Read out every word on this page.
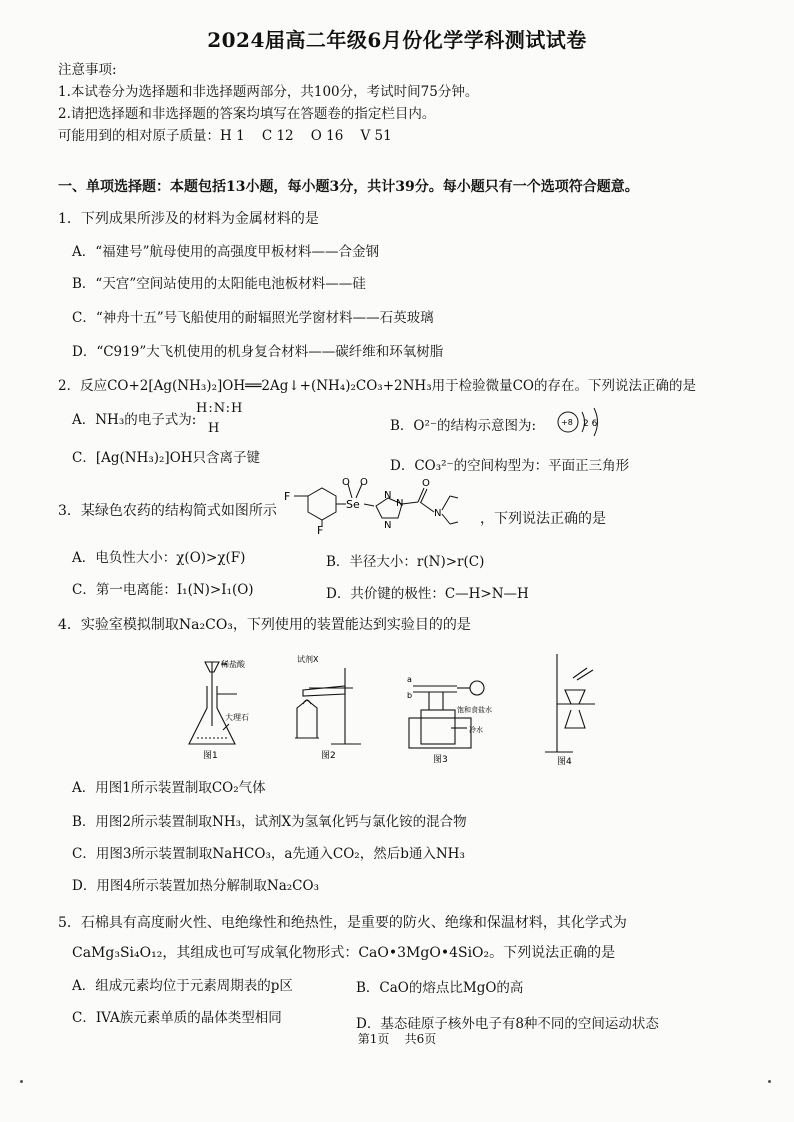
2024届高二年级6月份化学学科测试试卷
注意事项:
1.本试卷分为选择题和非选择题两部分，共100分，考试时间75分钟。
2.请把选择题和非选择题的答案均填写在答题卷的指定栏目内。
可能用到的相对原子质量：H 1    C 12    O 16    V 51
一、单项选择题：本题包括13小题，每小题3分，共计39分。每小题只有一个选项符合题意。
1．下列成果所涉及的材料为金属材料的是
A．“福建号”航母使用的高强度甲板材料——合金钢
B．“天宫”空间站使用的太阳能电池板材料——硅
C．“神舟十五”号飞船使用的耐辐照光学窗材料——石英玻璃
D．“C919”大飞机使用的机身复合材料——碳纤维和环氧树脂
2．反应CO+2[Ag(NH₃)₂]OH══2Ag↓+(NH₄)₂CO₃+2NH₃用于检验微量CO的存在。下列说法正确的是
A．NH₃的电子式为:
H:N:H
H	B．O²⁻的结构示意图为:	+8 2 6
C．[Ag(NH₃)₂]OH只含离子键	D．CO₃²⁻的空间构型为：平面正三角形
3．某绿色农药的结构简式如图所示
F
F
Se
O O
N
N
N
O
N	，下列说法正确的是
A．电负性大小：χ(O)>χ(F)	B．半径大小：r(N)>r(C)
C．第一电离能：I₁(N)>I₁(O)	D．共价键的极性：C—H>N—H
4．实验室模拟制取Na₂CO₃，下列使用的装置能达到实验目的的是
稀盐酸
大理石
图1
试剂X
图2
a
b
饱和食盐水
冷水
图3	图4
A．用图1所示装置制取CO₂气体
B．用图2所示装置制取NH₃，试剂X为氢氧化钙与氯化铵的混合物
C．用图3所示装置制取NaHCO₃，a先通入CO₂，然后b通入NH₃
D．用图4所示装置加热分解制取Na₂CO₃
5．石棉具有高度耐火性、电绝缘性和绝热性，是重要的防火、绝缘和保温材料，其化学式为
CaMg₃Si₄O₁₂，其组成也可写成氧化物形式：CaO•3MgO•4SiO₂。下列说法正确的是
A．组成元素均位于元素周期表的p区	B．CaO的熔点比MgO的高
C．IVA族元素单质的晶体类型相同	D．基态硅原子核外电子有8种不同的空间运动状态
第1页    共6页
